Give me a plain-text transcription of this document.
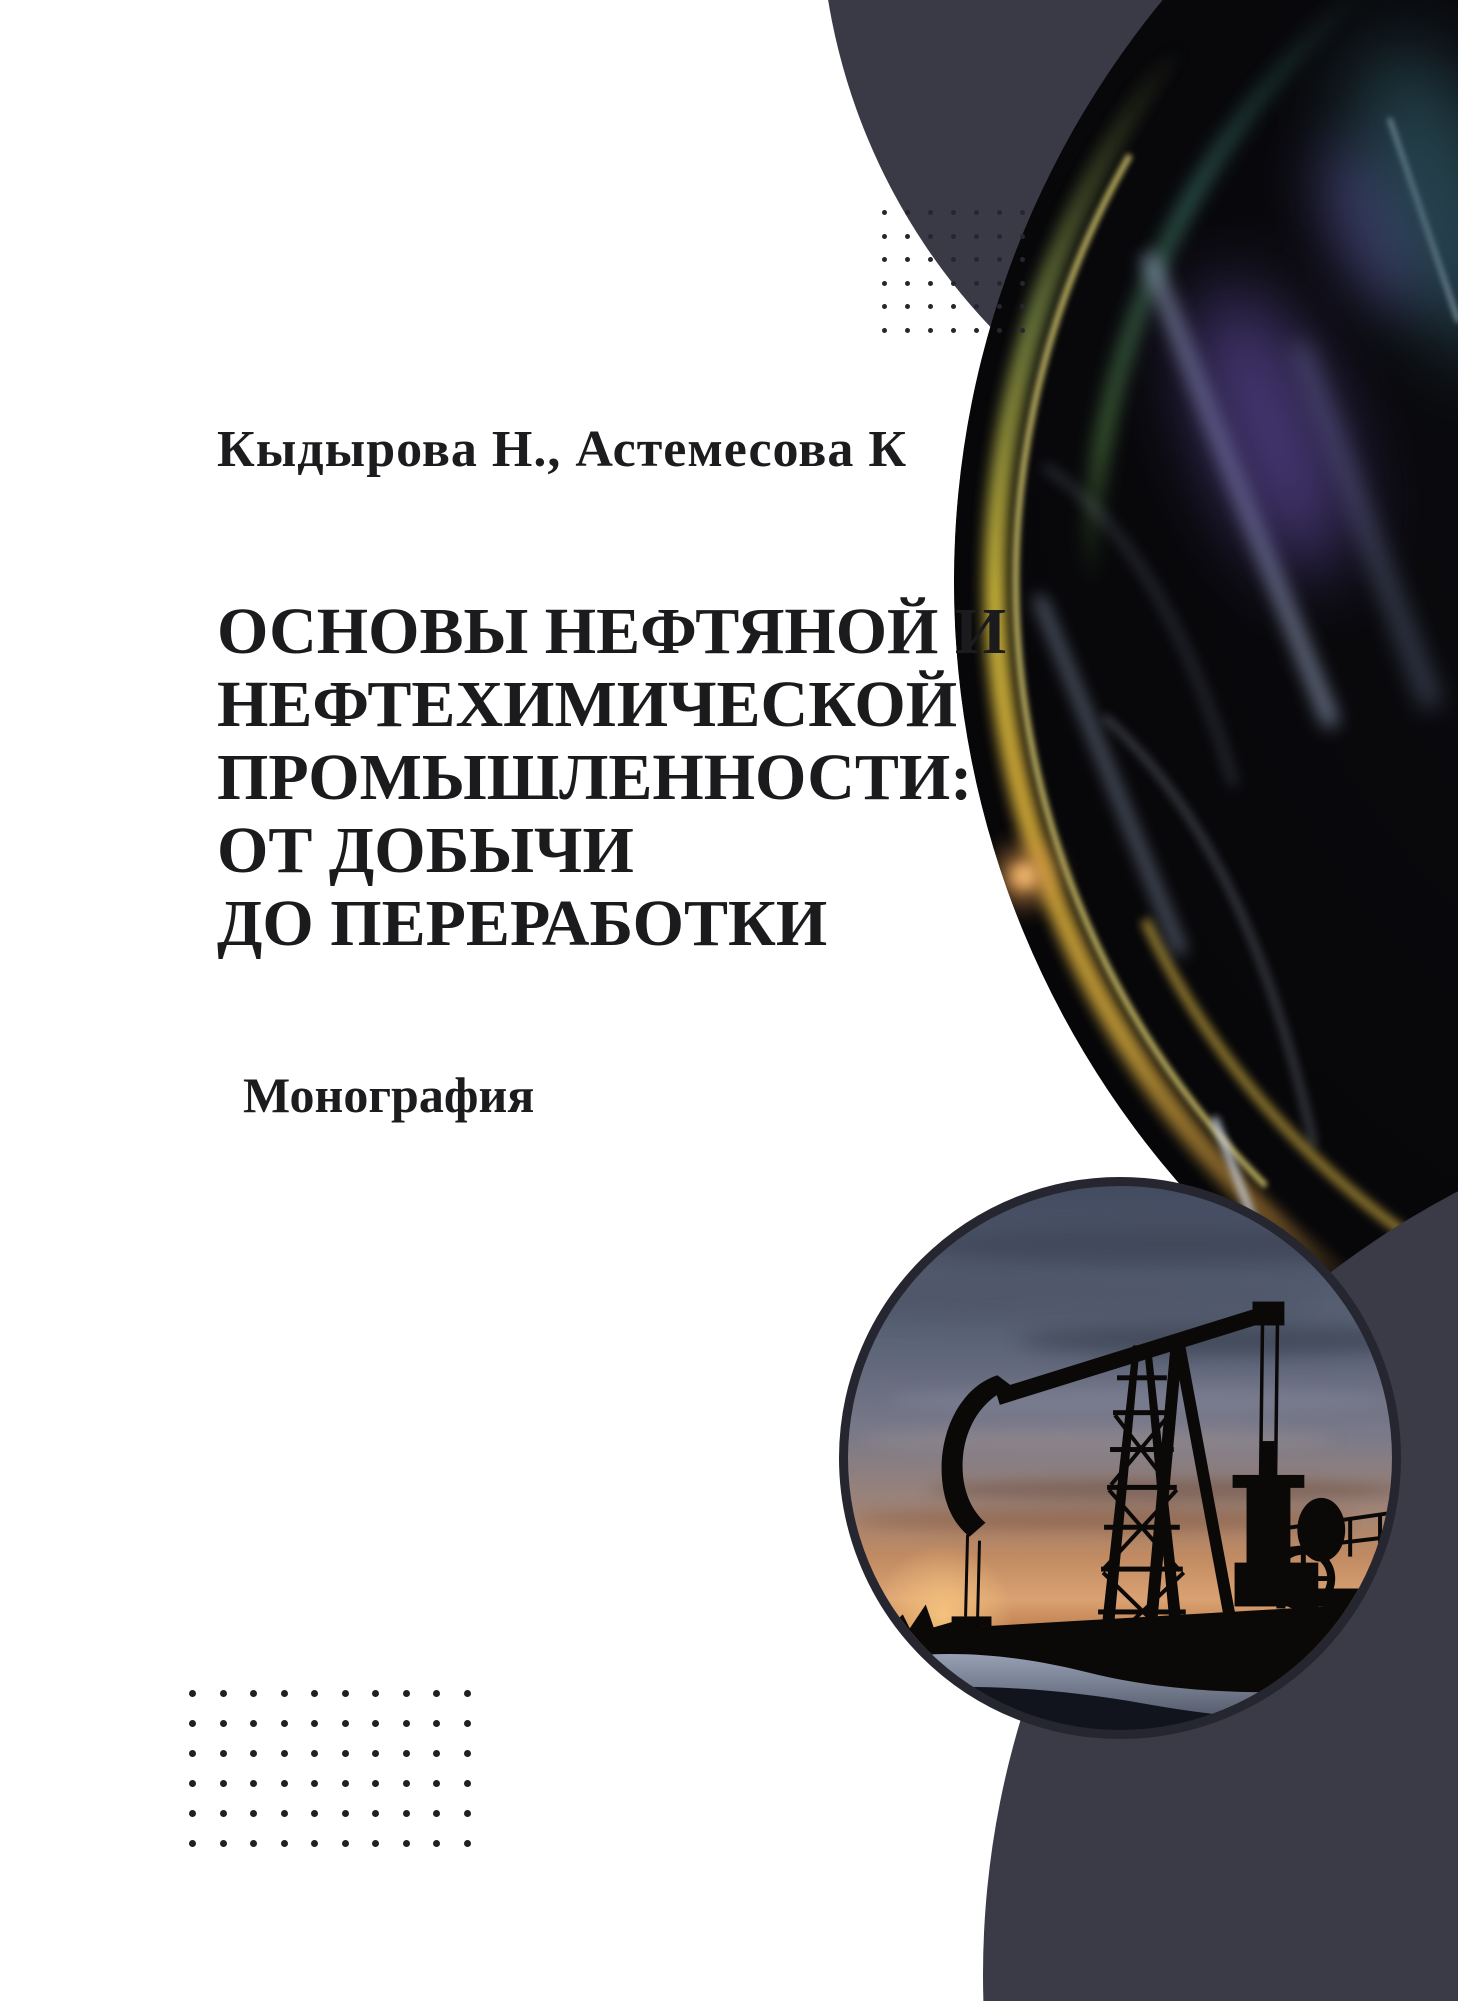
Кыдырова Н., Астемесова К
ОСНОВЫ НЕФТЯНОЙ И
НЕФТЕХИМИЧЕСКОЙ
ПРОМЫШЛЕННОСТИ:
ОТ ДОБЫЧИ
ДО ПЕРЕРАБОТКИ
Монография
